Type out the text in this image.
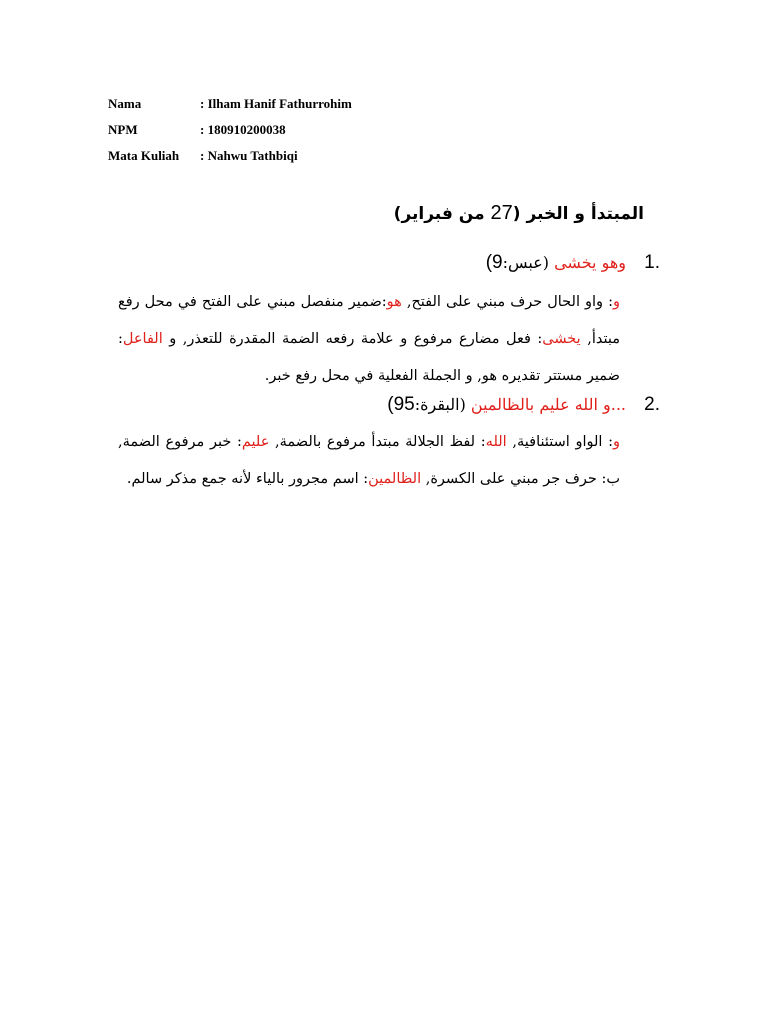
Nama	: Ilham Hanif Fathurrohim
NPM	: 180910200038
Mata Kuliah : Nahwu Tathbiqi
المبتدأ و الخبر (27 من فبراير)
1.
وهو يخشى (عبس:9)
و: واو الحال حرف مبني على الفتح, هو:ضمير منفصل مبني على الفتح في محل رفع مبتدأ, يخشى: فعل مضارع مرفوع و علامة رفعه الضمة المقدرة للتعذر, و الفاعل: ضمير مستتر تقديره هو, و الجملة الفعلية في محل رفع خبر.
2.
...و الله عليم بالظالمين (البقرة:95)
و: الواو استئنافية, الله: لفظ الجلالة مبتدأ مرفوع بالضمة, عليم: خبر مرفوع الضمة, ب: حرف جر مبني على الكسرة, الظالمين: اسم مجرور بالياء لأنه جمع مذكر سالم.
